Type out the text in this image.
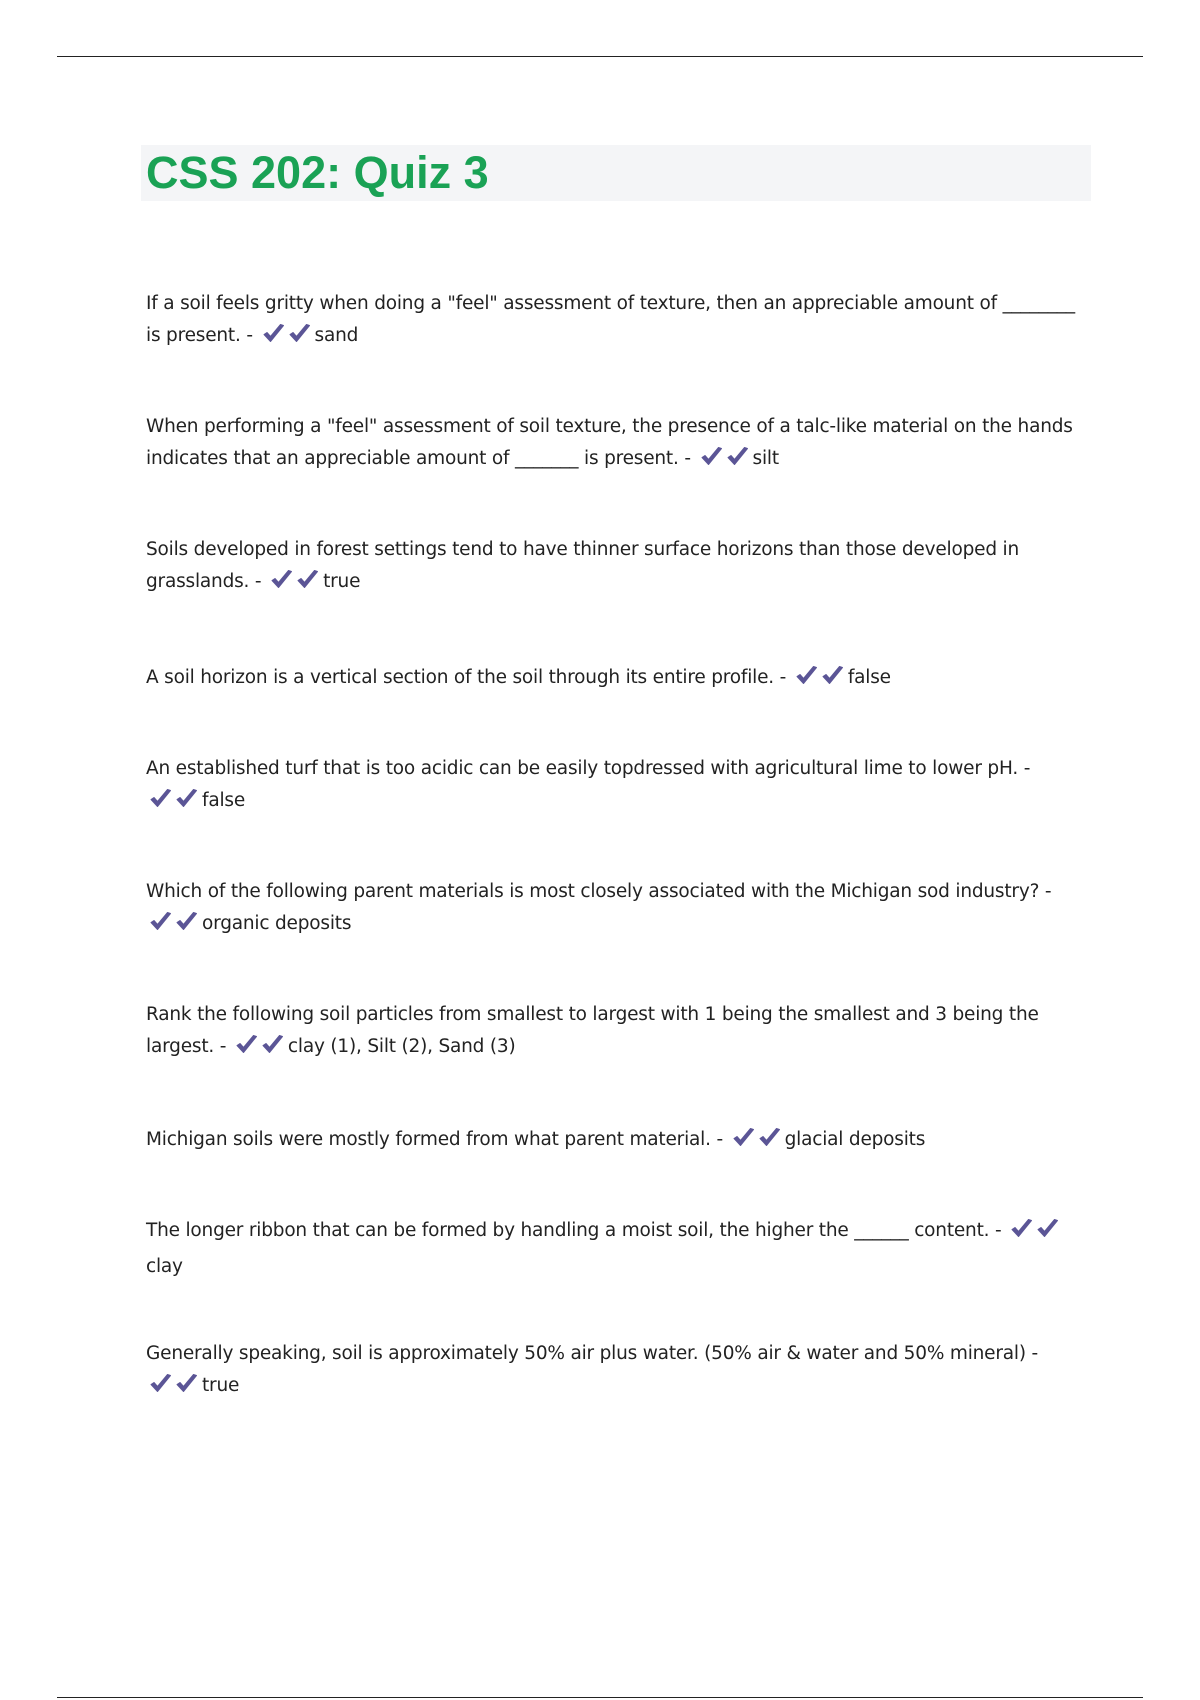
CSS 202: Quiz 3
If a soil feels gritty when doing a "feel" assessment of texture, then an appreciable amount of ________ is present. -	sand
When performing a "feel" assessment of soil texture, the presence of a talc-like material on the hands indicates that an appreciable amount of _______ is present. -	silt
Soils developed in forest settings tend to have thinner surface horizons than those developed in grasslands. -	true
A soil horizon is a vertical section of the soil through its entire profile. -	false
An established turf that is too acidic can be easily topdressed with agricultural lime to lower pH. -
false
Which of the following parent materials is most closely associated with the Michigan sod industry? -
organic deposits
Rank the following soil particles from smallest to largest with 1 being the smallest and 3 being the largest. -	clay (1), Silt (2), Sand (3)
Michigan soils were mostly formed from what parent material. -	glacial deposits
The longer ribbon that can be formed by handling a moist soil, the higher the ______ content. -
clay
Generally speaking, soil is approximately 50% air plus water. (50% air & water and 50% mineral) -
true
